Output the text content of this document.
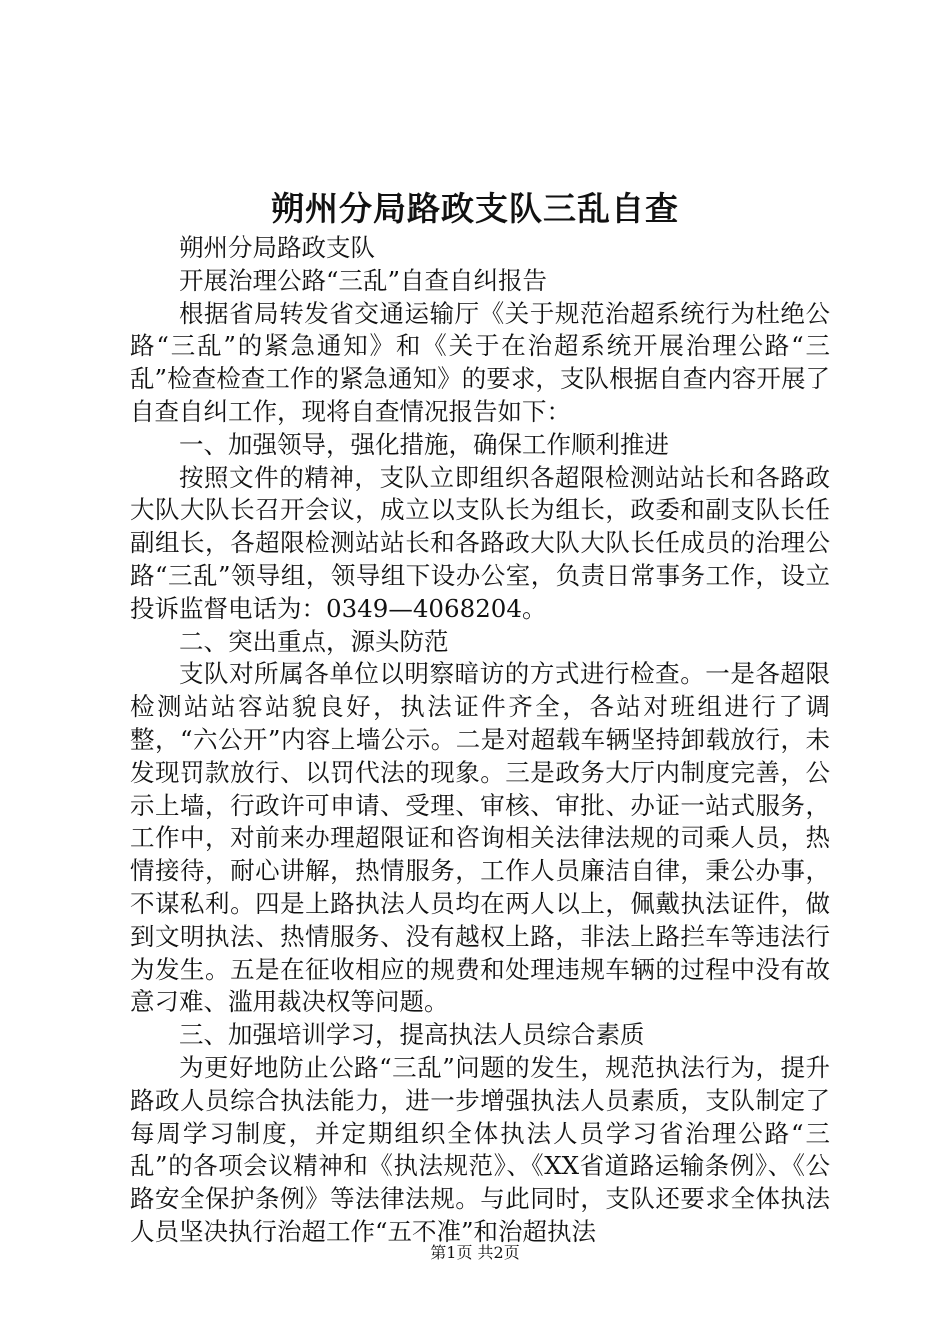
朔州分局路政支队三乱自查

朔州分局路政支队

开展治理公路“三乱”自查自纠报告

根据省局转发省交通运输厅《关于规范治超系统行为杜绝公路“三乱”的紧急通知》和《关于在治超系统开展治理公路“三乱”检查检查工作的紧急通知》的要求，支队根据自查内容开展了自查自纠工作，现将自查情况报告如下：

一、加强领导，强化措施，确保工作顺利推进

按照文件的精神，支队立即组织各超限检测站站长和各路政大队大队长召开会议，成立以支队长为组长，政委和副支队长任副组长，各超限检测站站长和各路政大队大队长任成员的治理公路“三乱”领导组，领导组下设办公室，负责日常事务工作，设立投诉监督电话为：0349—4068204。

二、突出重点，源头防范

支队对所属各单位以明察暗访的方式进行检查。一是各超限检测站站容站貌良好，执法证件齐全，各站对班组进行了调整，“六公开”内容上墙公示。二是对超载车辆坚持卸载放行，未发现罚款放行、以罚代法的现象。三是政务大厅内制度完善，公示上墙，行政许可申请、受理、审核、审批、办证一站式服务，工作中，对前来办理超限证和咨询相关法律法规的司乘人员，热情接待，耐心讲解，热情服务，工作人员廉洁自律，秉公办事，不谋私利。四是上路执法人员均在两人以上，佩戴执法证件，做到文明执法、热情服务、没有越权上路，非法上路拦车等违法行为发生。五是在征收相应的规费和处理违规车辆的过程中没有故意刁难、滥用裁决权等问题。

三、加强培训学习，提高执法人员综合素质

为更好地防止公路“三乱”问题的发生，规范执法行为，提升路政人员综合执法能力，进一步增强执法人员素质，支队制定了每周学习制度，并定期组织全体执法人员学习省治理公路“三乱”的各项会议精神和《执法规范》、《XX省道路运输条例》、《公路安全保护条例》等法律法规。与此同时，支队还要求全体执法人员坚决执行治超工作“五不准”和治超执法

第1页 共2页
